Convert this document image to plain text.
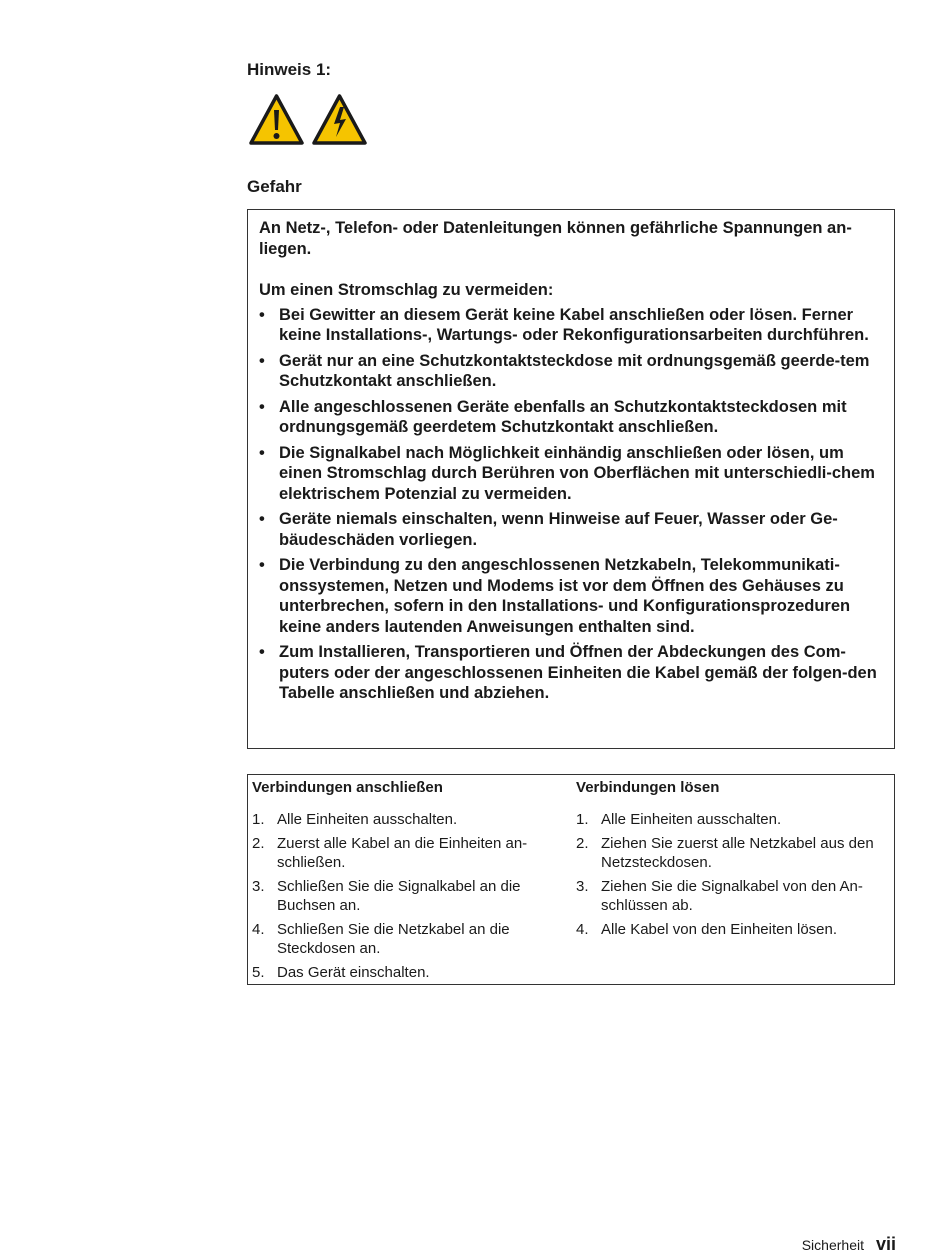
Hinweis 1:
Gefahr

An Netz-, Telefon- oder Datenleitungen können gefährliche Spannungen an-liegen.

Um einen Stromschlag zu vermeiden:

• Bei Gewitter an diesem Gerät keine Kabel anschließen oder lösen. Ferner keine Installations-, Wartungs- oder Rekonfigurationsarbeiten durchführen.
• Gerät nur an eine Schutzkontaktsteckdose mit ordnungsgemäß geerde-tem Schutzkontakt anschließen.
• Alle angeschlossenen Geräte ebenfalls an Schutzkontaktsteckdosen mit ordnungsgemäß geerdetem Schutzkontakt anschließen.
• Die Signalkabel nach Möglichkeit einhändig anschließen oder lösen, um einen Stromschlag durch Berühren von Oberflächen mit unterschiedli-chem elektrischem Potenzial zu vermeiden.
• Geräte niemals einschalten, wenn Hinweise auf Feuer, Wasser oder Ge-bäudeschäden vorliegen.
• Die Verbindung zu den angeschlossenen Netzkabeln, Telekommunikati-onssystemen, Netzen und Modems ist vor dem Öffnen des Gehäuses zu unterbrechen, sofern in den Installations- und Konfigurationsprozeduren keine anders lautenden Anweisungen enthalten sind.
• Zum Installieren, Transportieren und Öffnen der Abdeckungen des Com-puters oder der angeschlossenen Einheiten die Kabel gemäß der folgen-den Tabelle anschließen und abziehen.
Verbindungen anschließen
1. Alle Einheiten ausschalten.
2. Zuerst alle Kabel an die Einheiten an-schließen.
3. Schließen Sie die Signalkabel an die Buchsen an.
4. Schließen Sie die Netzkabel an die Steckdosen an.
5. Das Gerät einschalten.
Verbindungen lösen
1. Alle Einheiten ausschalten.
2. Ziehen Sie zuerst alle Netzkabel aus den Netzsteckdosen.
3. Ziehen Sie die Signalkabel von den An-schlüssen ab.
4. Alle Kabel von den Einheiten lösen.
Sicherheit vii
